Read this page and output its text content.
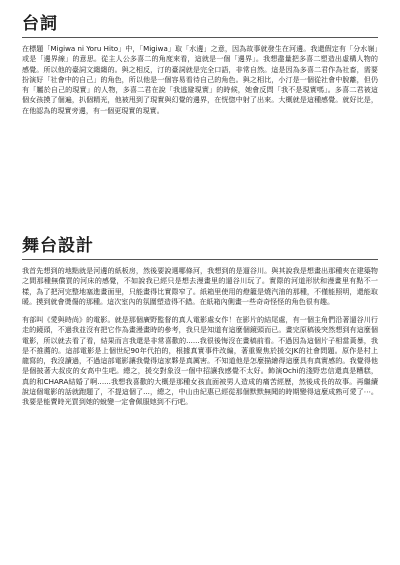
台詞

在標題「Migiwa ni Yoru Hito」中，「Migiwa」取「水邊」之意，因為故事就發生在河邊。我還假定有「分水嶺」或是「邊界線」的意思。從主人公多喜二的角度來看，這就是一個「邊界」。我想盡量把多喜二塑造出虛構人物的感覺。所以他的臺詞文縐縐的。與之相反，汀的臺詞就是完全口語，非常自然。這是因為多喜二君作為社畜，需要扮演好「社會中的自己」的角色，所以他是一個容易看待自己的角色。與之相比，小汀是一個從社會中脫離，但仍有「屬於自己的現實」的人物，多喜二君在說「我逃避現實」的時候，她會反問「我不是現實嗎」。多喜二君被這個女孩摸了個遍，扒個精光，他被甩到了現實與幻覺的邊界，在恍惚中射了出來。大概就是這種感覺。就好比是，在他認為的現實旁邊，有一個更現實的現實。

舞台設計

我首先想到的地點就是河邊的紙板房，然後要說選哪條河，我想到的是遛谷川。與其說我是想畫出那種夾在建築物之間那種無償買的河床的感覺，不如說我已經只是想去漫畫里的遛谷川玩了。實際的河道形狀和漫畫里有點不一樣，為了把河完整地塞進畫面里，只能畫得比實際窄了。紙箱里使用的燈籠是燒汽油的那種，不僅能照明，還能取暖。摸到就會燙傷的那種。這次室內的氛圍塑造得不錯。在紙箱內側畫一些奇奇怪怪的角色很有趣。

有部叫《愛與時尚》的電影。就是那個廣野監督的真人電影處女作！在影片的結尾處，有一個主角們沿著遛谷川行走的鏡頭，不過我並沒有把它作為畫漫畫時的參考，我只是知道有這麼個鏡頭而已。畫完原稿後突然想到有這麼個電影，所以就去看了看，結果而言我還是非常喜歡的......我很後悔沒在畫稿前看。不過因為這個片子相當黃暴，我是不推薦的。這部電影是上個世紀90年代拍的，根據真實事件改編，著重聚焦於援交JK的社會問題。原作是村上龍寫的，我沒讀過，不過這部電影讓我覺得這家夥是真厲害。不知道他是怎麼描繪得這麼具有真實感的。我覺得他是個披著大叔皮的女高中生吧。總之，援交對象沒一個中招讓我感覺不太好。飾演Ochi的淺野忠信還真是糟糕，真的和CHARA結婚了啊......我想我喜歡的大概是那種女孩直面被男人造成的痛苦經歷，然後成長的故事。再繼續說這個電影的話就跑題了，不提這個了...，總之，中山由紀惠已經從那個默默無聞的時期變得這麼成熟可愛了⋯。我要是能賣時光買到她的蛻變一定會佩服她到不行吧。
